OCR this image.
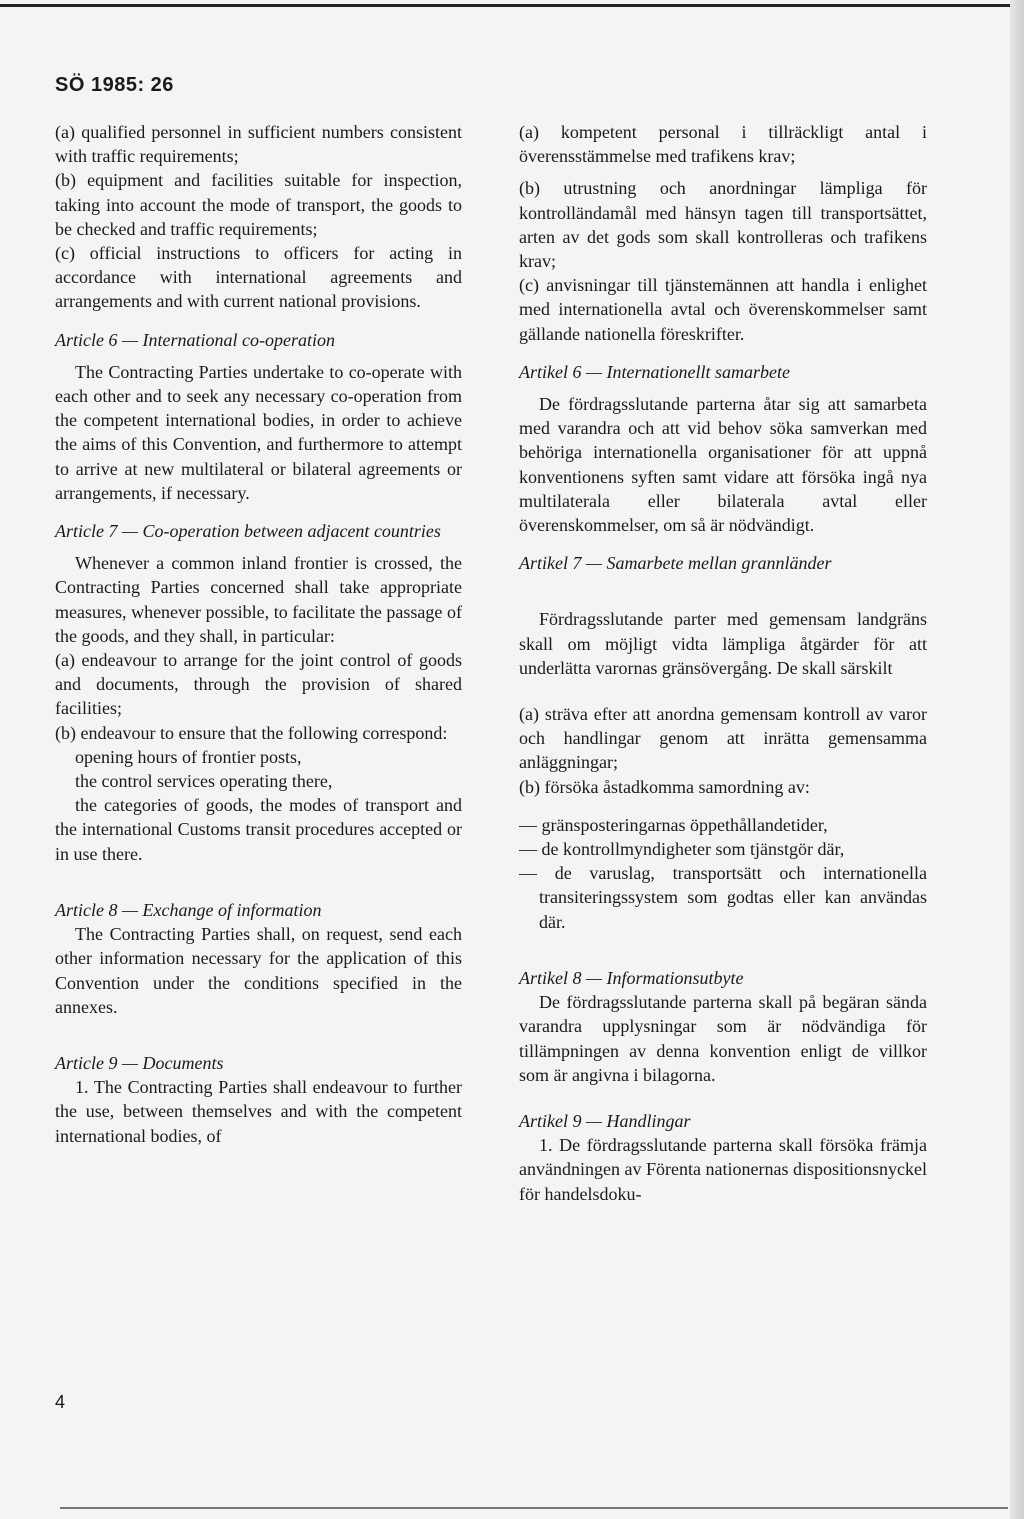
SÖ 1985: 26

(a) qualified personnel in sufficient numbers consistent with traffic requirements;

(b) equipment and facilities suitable for inspection, taking into account the mode of transport, the goods to be checked and traffic requirements;

(c) official instructions to officers for acting in accordance with international agreements and arrangements and with current national provisions.

Article 6 — International co-operation

The Contracting Parties undertake to co-operate with each other and to seek any necessary co-operation from the competent international bodies, in order to achieve the aims of this Convention, and furthermore to attempt to arrive at new multilateral or bilateral agreements or arrangements, if necessary.

Article 7 — Co-operation between adjacent countries

Whenever a common inland frontier is crossed, the Contracting Parties concerned shall take appropriate measures, whenever possible, to facilitate the passage of the goods, and they shall, in particular:

(a) endeavour to arrange for the joint control of goods and documents, through the provision of shared facilities;

(b) endeavour to ensure that the following correspond:

opening hours of frontier posts,

the control services operating there,

the categories of goods, the modes of transport and the international Customs transit procedures accepted or in use there.

Article 8 — Exchange of information

The Contracting Parties shall, on request, send each other information necessary for the application of this Convention under the conditions specified in the annexes.

Article 9 — Documents

1. The Contracting Parties shall endeavour to further the use, between themselves and with the competent international bodies, of

(a) kompetent personal i tillräckligt antal i överensstämmelse med trafikens krav;

(b) utrustning och anordningar lämpliga för kontrolländamål med hänsyn tagen till transportsättet, arten av det gods som skall kontrolleras och trafikens krav;

(c) anvisningar till tjänstemännen att handla i enlighet med internationella avtal och överenskommelser samt gällande nationella föreskrifter.

Artikel 6 — Internationellt samarbete

De fördragsslutande parterna åtar sig att samarbeta med varandra och att vid behov söka samverkan med behöriga internationella organisationer för att uppnå konventionens syften samt vidare att försöka ingå nya multilaterala eller bilaterala avtal eller överenskommelser, om så är nödvändigt.

Artikel 7 — Samarbete mellan grannländer

Fördragsslutande parter med gemensam landgräns skall om möjligt vidta lämpliga åtgärder för att underlätta varornas gränsövergång. De skall särskilt

(a) sträva efter att anordna gemensam kontroll av varor och handlingar genom att inrätta gemensamma anläggningar;

(b) försöka åstadkomma samordning av:

— gränsposteringarnas öppethållandetider,

— de kontrollmyndigheter som tjänstgör där,

— de varuslag, transportsätt och internationella transiteringssystem som godtas eller kan användas där.

Artikel 8 — Informationsutbyte

De fördragsslutande parterna skall på begäran sända varandra upplysningar som är nödvändiga för tillämpningen av denna konvention enligt de villkor som är angivna i bilagorna.

Artikel 9 — Handlingar

1. De fördragsslutande parterna skall försöka främja användningen av Förenta nationernas dispositionsnyckel för handelsdoku-

4
